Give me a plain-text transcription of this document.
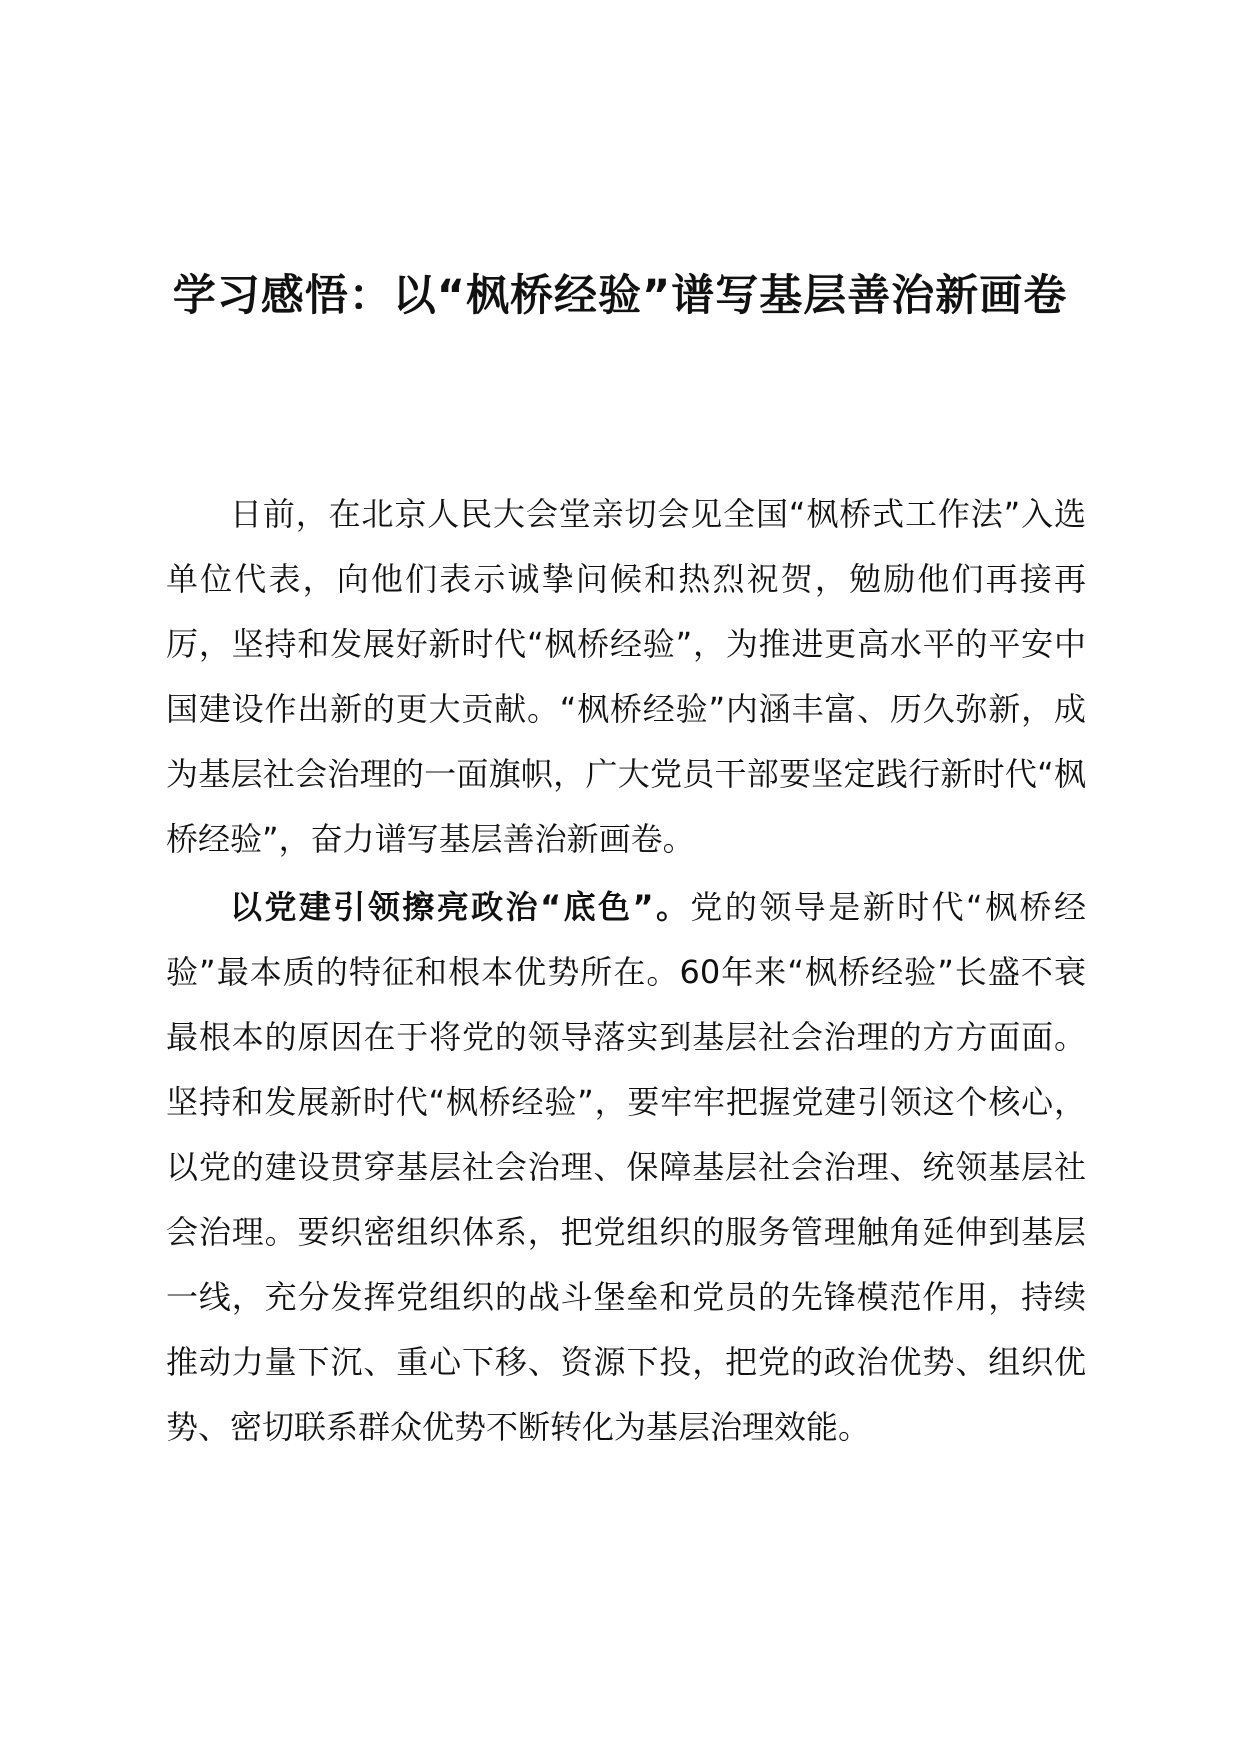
学习感悟：以“枫桥经验”谱写基层善治新画卷

日前，在北京人民大会堂亲切会见全国“枫桥式工作法”入选单位代表，向他们表示诚挚问候和热烈祝贺，勉励他们再接再厉，坚持和发展好新时代“枫桥经验”，为推进更高水平的平安中国建设作出新的更大贡献。“枫桥经验”内涵丰富、历久弥新，成为基层社会治理的一面旗帜，广大党员干部要坚定践行新时代“枫桥经验”，奋力谱写基层善治新画卷。

以党建引领擦亮政治“底色”。党的领导是新时代“枫桥经验”最本质的特征和根本优势所在。60年来“枫桥经验”长盛不衰最根本的原因在于将党的领导落实到基层社会治理的方方面面。坚持和发展新时代“枫桥经验”，要牢牢把握党建引领这个核心，以党的建设贯穿基层社会治理、保障基层社会治理、统领基层社会治理。要织密组织体系，把党组织的服务管理触角延伸到基层一线，充分发挥党组织的战斗堡垒和党员的先锋模范作用，持续推动力量下沉、重心下移、资源下投，把党的政治优势、组织优势、密切联系群众优势不断转化为基层治理效能。
